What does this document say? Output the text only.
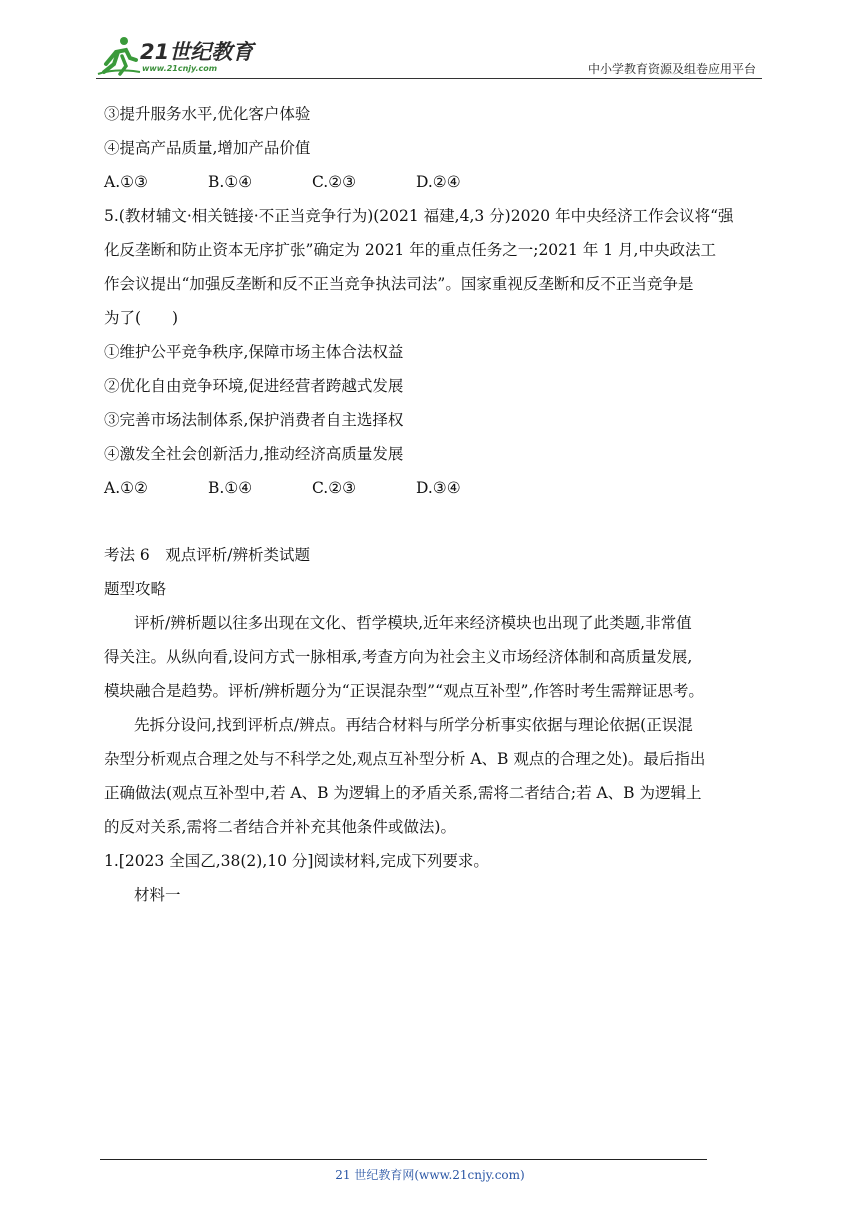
21世纪教育
www.21cnjy.com	中小学教育资源及组卷应用平台
③提升服务水平,优化客户体验
④提高产品质量,增加产品价值
A.①③	B.①④	C.②③	D.②④
5.(教材辅文·相关链接·不正当竞争行为)(2021 福建,4,3 分)2020 年中央经济工作会议将“强
化反垄断和防止资本无序扩张”确定为 2021 年的重点任务之一;2021 年 1 月,中央政法工
作会议提出“加强反垄断和反不正当竞争执法司法”。国家重视反垄断和反不正当竞争是
为了(　　)
①维护公平竞争秩序,保障市场主体合法权益
②优化自由竞争环境,促进经营者跨越式发展
③完善市场法制体系,保护消费者自主选择权
④激发全社会创新活力,推动经济高质量发展
A.①②	B.①④	C.②③	D.③④
考法 6　观点评析/辨析类试题
题型攻略
评析/辨析题以往多出现在文化、哲学模块,近年来经济模块也出现了此类题,非常值
得关注。从纵向看,设问方式一脉相承,考查方向为社会主义市场经济体制和高质量发展,
模块融合是趋势。评析/辨析题分为“正误混杂型”“观点互补型”,作答时考生需辩证思考。
先拆分设问,找到评析点/辨点。再结合材料与所学分析事实依据与理论依据(正误混
杂型分析观点合理之处与不科学之处,观点互补型分析 A、B 观点的合理之处)。最后指出
正确做法(观点互补型中,若 A、B 为逻辑上的矛盾关系,需将二者结合;若 A、B 为逻辑上
的反对关系,需将二者结合并补充其他条件或做法)。
1.[2023 全国乙,38(2),10 分]阅读材料,完成下列要求。
材料一
21 世纪教育网(www.21cnjy.com)
